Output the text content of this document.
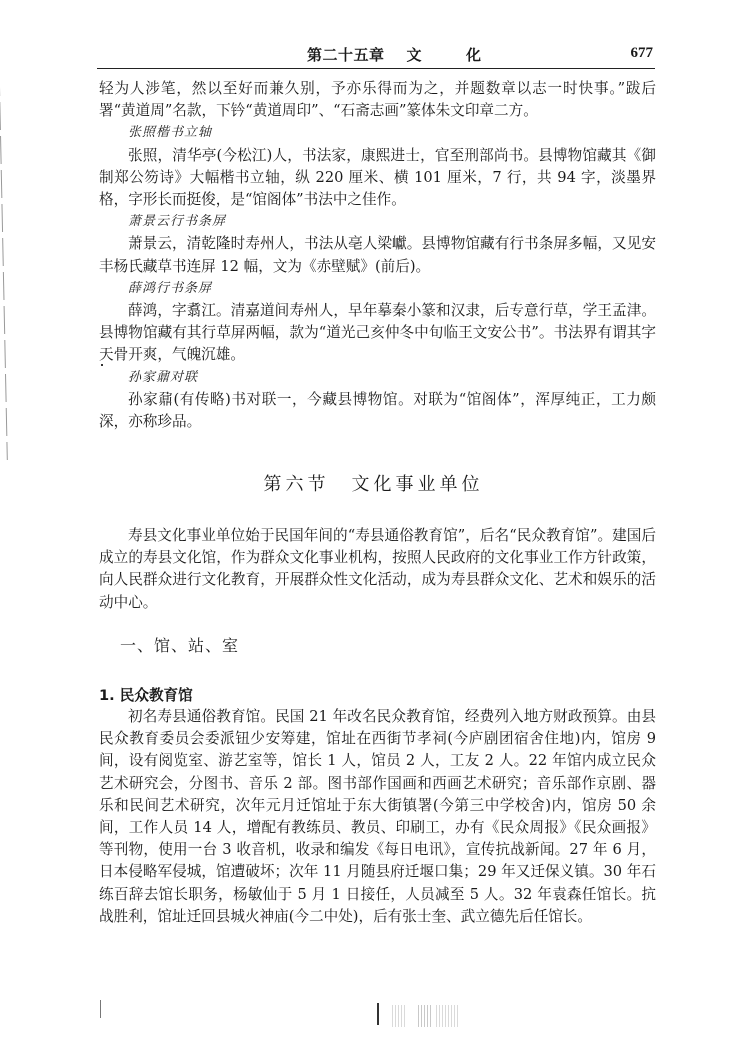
第二十五章 文	化	677

轻为人涉笔，然以至好而兼久别，予亦乐得而为之，并题数章以志一时快事。”跋后署“黄道周”名款，下钤“黄道周印”、“石斋志画”篆体朱文印章二方。

张照楷书立轴

张照，清华亭(今松江)人，书法家，康熙进士，官至刑部尚书。县博物馆藏其《御制郑公笏诗》大幅楷书立轴，纵 220 厘米、横 101 厘米，7 行，共 94 字，淡墨界格，字形长而挺俊，是“馆阁体”书法中之佳作。

萧景云行书条屏

萧景云，清乾隆时寿州人，书法从亳人梁巘。县博物馆藏有行书条屏多幅，又见安丰杨氏藏草书连屏 12 幅，文为《赤壁赋》(前后)。

薛鸿行书条屏

薛鸿，字翥江。清嘉道间寿州人，早年摹秦小篆和汉隶，后专意行草，学王孟津。县博物馆藏有其行草屏两幅，款为“道光己亥仲冬中旬临王文安公书”。书法界有谓其字天骨开爽，气魄沉雄。

孙家鼐对联

孙家鼐(有传略)书对联一，今藏县博物馆。对联为“馆阁体”，浑厚纯正，工力颇深，亦称珍品。

第六节 文化事业单位

寿县文化事业单位始于民国年间的“寿县通俗教育馆”，后名“民众教育馆”。建国后成立的寿县文化馆，作为群众文化事业机构，按照人民政府的文化事业工作方针政策，向人民群众进行文化教育，开展群众性文化活动，成为寿县群众文化、艺术和娱乐的活动中心。

一、馆、站、室
1. 民众教育馆

初名寿县通俗教育馆。民国 21 年改名民众教育馆，经费列入地方财政预算。由县民众教育委员会委派钮少安筹建，馆址在西街节孝祠(今庐剧团宿舍住地)内，馆房 9 间，设有阅览室、游艺室等，馆长 1 人，馆员 2 人，工友 2 人。22 年馆内成立民众艺术研究会，分图书、音乐 2 部。图书部作国画和西画艺术研究；音乐部作京剧、器乐和民间艺术研究，次年元月迁馆址于东大街镇署(今第三中学校舍)内，馆房 50 余间，工作人员 14 人，增配有教练员、教员、印刷工，办有《民众周报》《民众画报》等刊物，使用一台 3 收音机，收录和编发《每日电讯》，宣传抗战新闻。27 年 6 月，日本侵略军侵城，馆遭破坏；次年 11 月随县府迁堰口集；29 年又迁保义镇。30 年石练百辞去馆长职务，杨敏仙于 5 月 1 日接任，人员减至 5 人。32 年袁森任馆长。抗战胜利，馆址迁回县城火神庙(今二中处)，后有张士奎、武立德先后任馆长。
